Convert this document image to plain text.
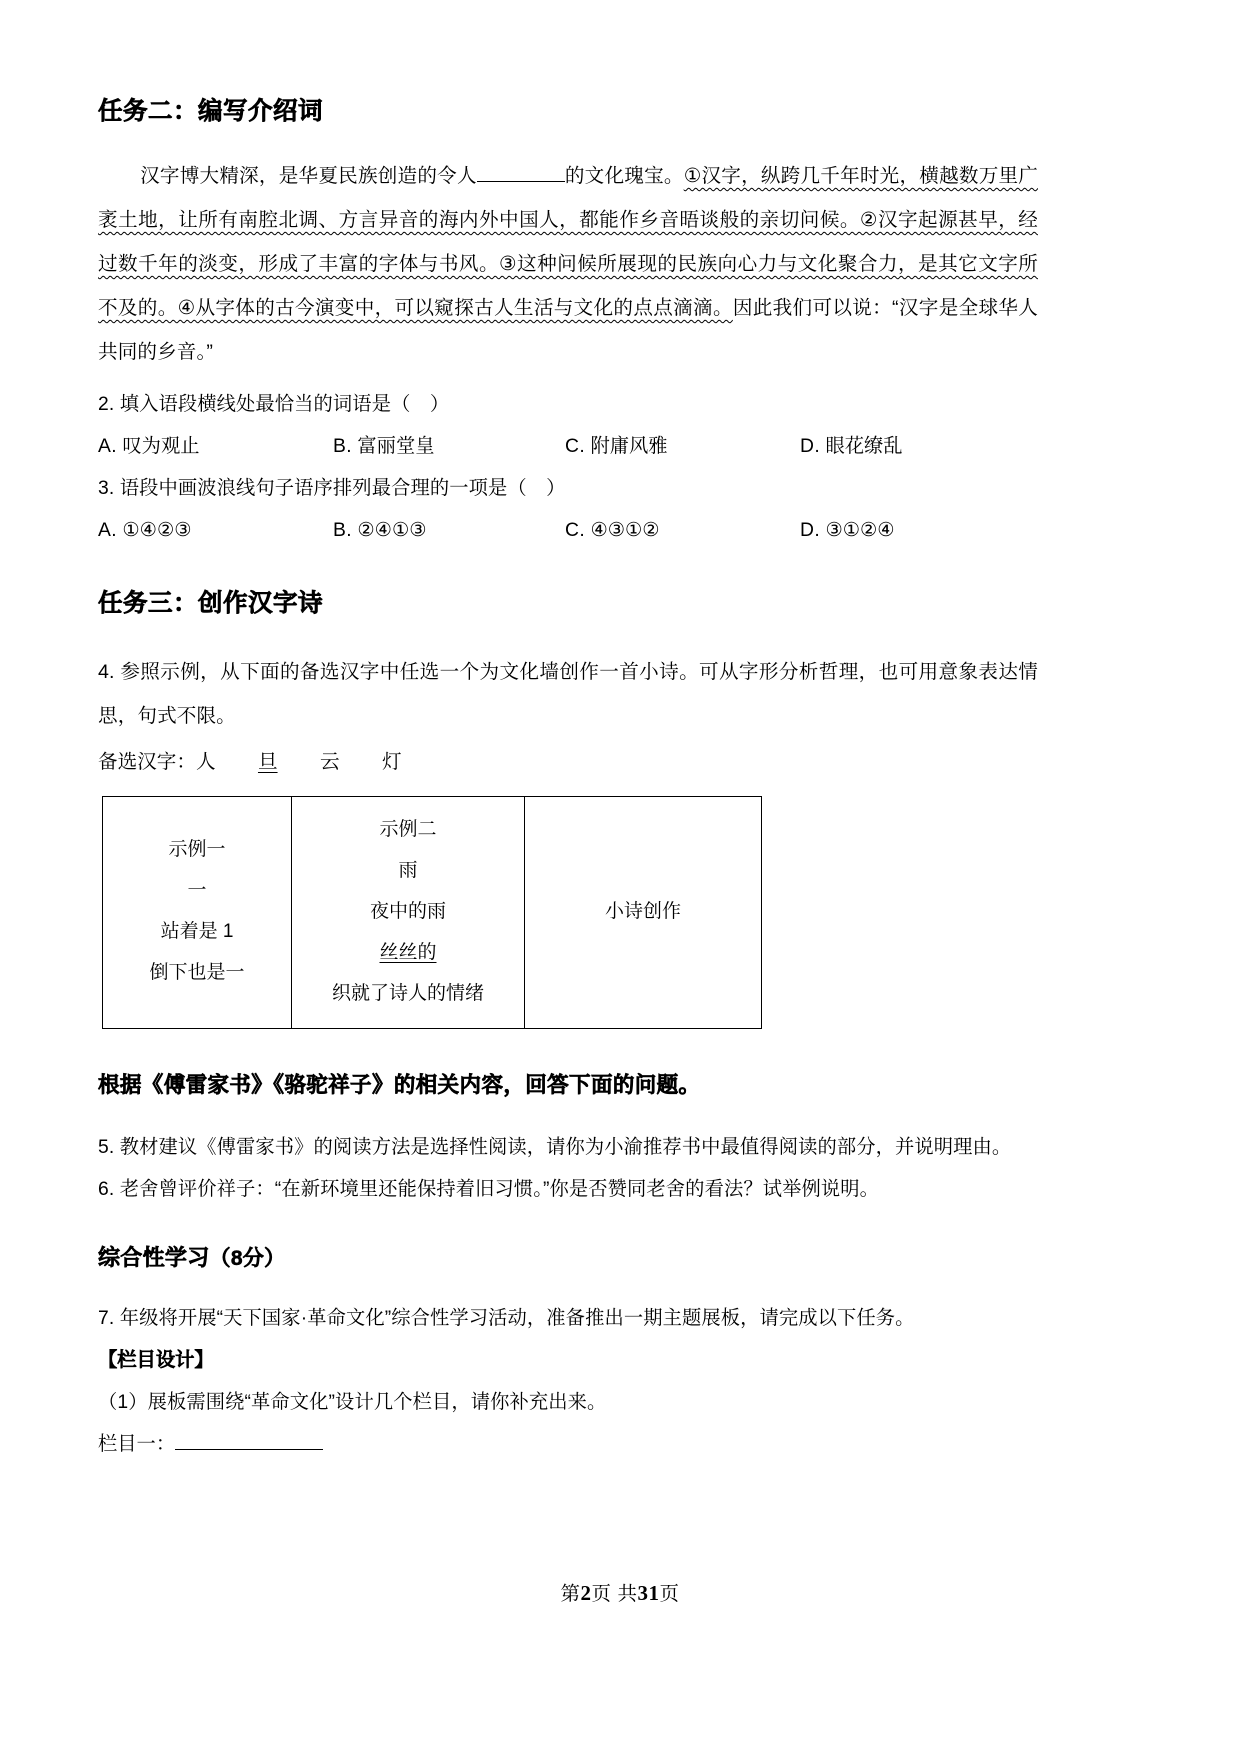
任务二：编写介绍词

汉字博大精深，是华夏民族创造的令人	的文化瑰宝。①汉字，纵跨几千年时光，横越数万里广袤土地，让所有南腔北调、方言异音的海内外中国人，都能作乡音晤谈般的亲切问候。②汉字起源甚早，经过数千年的淡变，形成了丰富的字体与书风。③这种问候所展现的民族向心力与文化聚合力，是其它文字所不及的。④从字体的古今演变中，可以窥探古人生活与文化的点点滴滴。因此我们可以说：“汉字是全球华人共同的乡音。”

2. 填入语段横线处最恰当的词语是（　）

A. 叹为观止	B. 富丽堂皇	C. 附庸风雅	D. 眼花缭乱

3. 语段中画波浪线句子语序排列最合理的一项是（　）

A. ①④②③	B. ②④①③	C. ④③①②	D. ③①②④
任务三：创作汉字诗

4. 参照示例，从下面的备选汉字中任选一个为文化墙创作一首小诗。可从字形分析哲理，也可用意象表达情思，句式不限。

备选汉字：人 旦 云 灯

示例一
一
站着是 1
倒下也是一

示例二
雨
夜中的雨
丝丝的
织就了诗人的情绪

小诗创作

根据《傅雷家书》《骆驼祥子》的相关内容，回答下面的问题。

5. 教材建议《傅雷家书》的阅读方法是选择性阅读，请你为小渝推荐书中最值得阅读的部分，并说明理由。

6. 老舍曾评价祥子：“在新环境里还能保持着旧习惯。”你是否赞同老舍的看法？试举例说明。

综合性学习（8分）

7. 年级将开展“天下国家·革命文化”综合性学习活动，准备推出一期主题展板，请完成以下任务。

【栏目设计】

（1）展板需围绕“革命文化”设计几个栏目，请你补充出来。

栏目一：

第2页 共31页
